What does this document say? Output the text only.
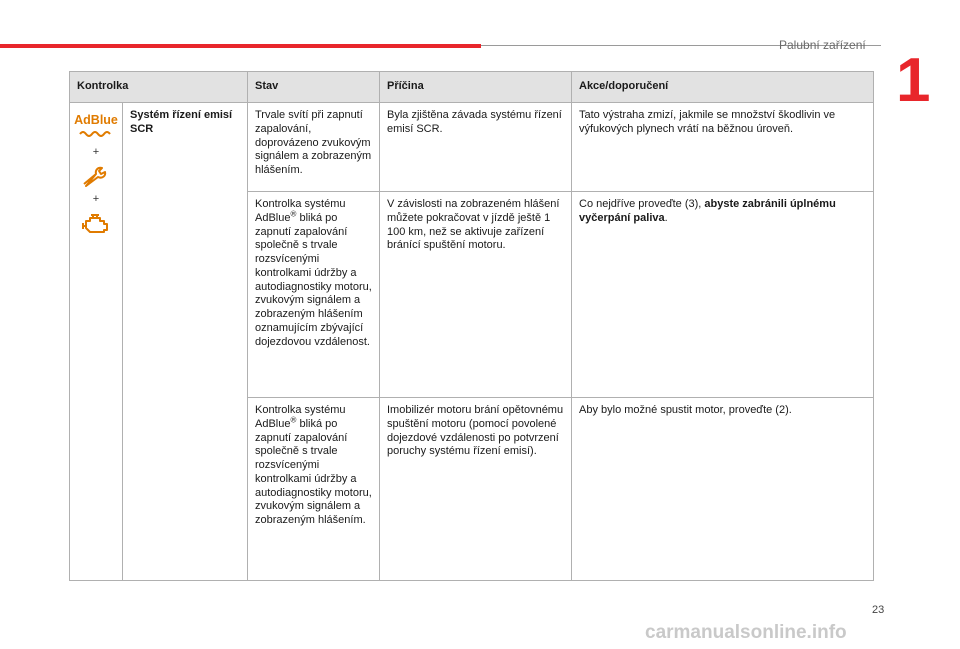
Palubní zařízení
1
Kontrolka		Stav	Příčina	Akce/doporučení

AdBlue
+
+	Systém řízení emisí SCR	Trvale svítí při zapnutí zapalování, doprovázeno zvukovým signálem a zobrazeným hlášením.	Byla zjištěna závada systému řízení emisí SCR.	Tato výstraha zmizí, jakmile se množství škodlivin ve výfukových plynech vrátí na běžnou úroveň.
		Kontrolka systému AdBlue® bliká po zapnutí zapalování společně s trvale rozsvícenými kontrolkami údržby a autodiagnostiky motoru, zvukovým signálem a zobrazeným hlášením oznamujícím zbývající dojezdovou vzdálenost.	V závislosti na zobrazeném hlášení můžete pokračovat v jízdě ještě 1 100 km, než se aktivuje zařízení bránící spuštění motoru.	Co nejdříve proveďte (3), abyste zabránili úplnému vyčerpání paliva.
		Kontrolka systému AdBlue® bliká po zapnutí zapalování společně s trvale rozsvícenými kontrolkami údržby a autodiagnostiky motoru, zvukovým signálem a zobrazeným hlášením.	Imobilizér motoru brání opětovnému spuštění motoru (pomocí povolené dojezdové vzdálenosti po potvrzení poruchy systému řízení emisí).	Aby bylo možné spustit motor, proveďte (2).
23
carmanualsonline.info
